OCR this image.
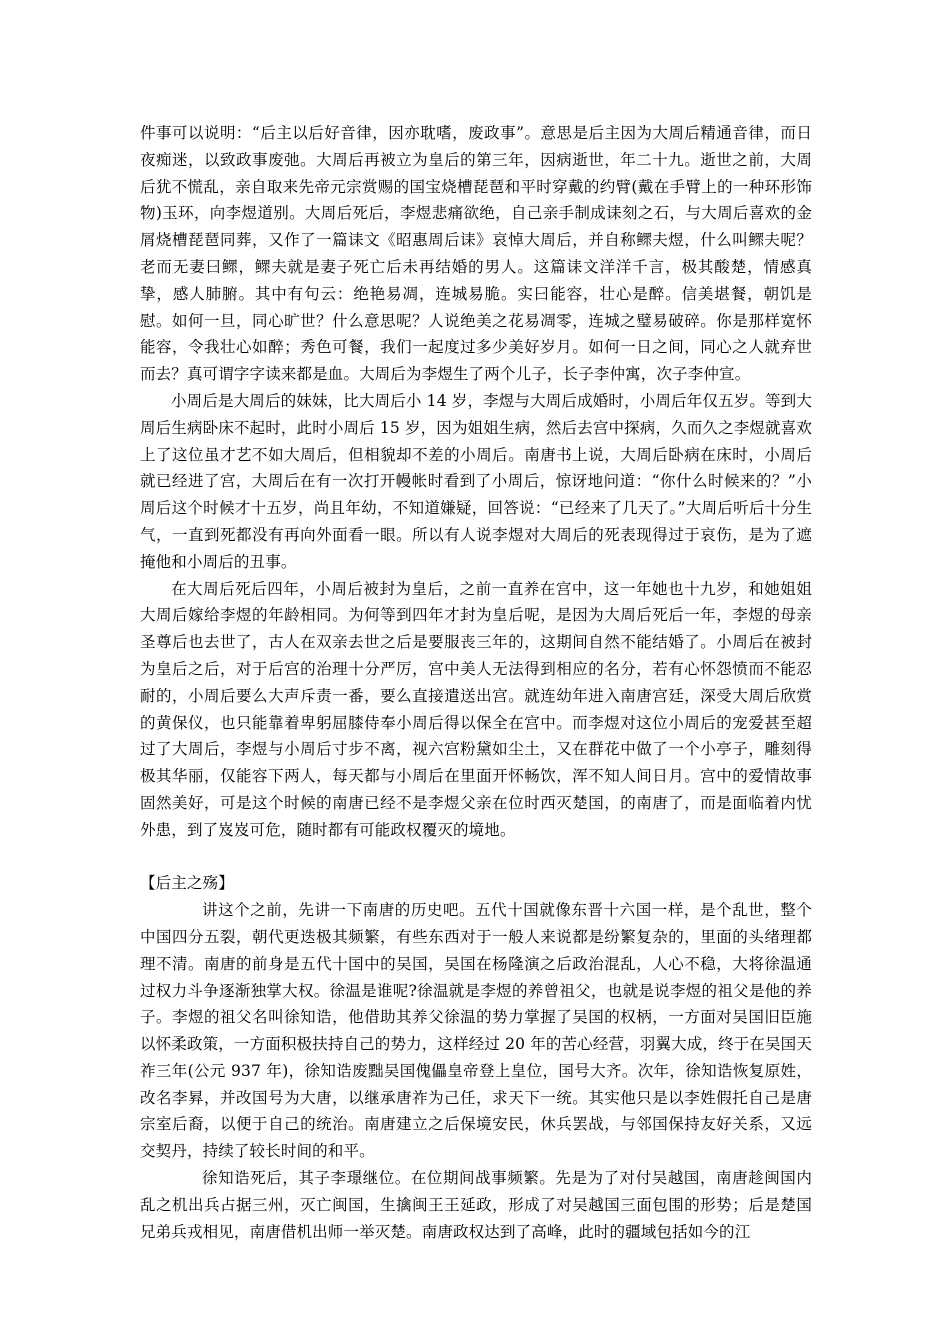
件事可以说明：“后主以后好音律，因亦耽嗜，废政事”。意思是后主因为大周后精通音律，而日夜痴迷，以致政事废弛。大周后再被立为皇后的第三年，因病逝世，年二十九。逝世之前，大周后犹不慌乱，亲自取来先帝元宗赏赐的国宝烧槽琵琶和平时穿戴的约臂(戴在手臂上的一种环形饰物)玉环，向李煜道别。大周后死后，李煜悲痛欲绝，自己亲手制成诔刻之石，与大周后喜欢的金屑烧槽琵琶同葬，又作了一篇诔文《昭惠周后诔》哀悼大周后，并自称鳏夫煜，什么叫鳏夫呢？老而无妻曰鳏，鳏夫就是妻子死亡后未再结婚的男人。这篇诔文洋洋千言，极其酸楚，情感真挚，感人肺腑。其中有句云：绝艳易凋，连城易脆。实曰能容，壮心是醉。信美堪餐，朝饥是慰。如何一旦，同心旷世？什么意思呢？人说绝美之花易凋零，连城之璧易破碎。你是那样宽怀能容，令我壮心如醉；秀色可餐，我们一起度过多少美好岁月。如何一日之间，同心之人就弃世而去？真可谓字字读来都是血。大周后为李煜生了两个儿子，长子李仲寓，次子李仲宣。

小周后是大周后的妹妹，比大周后小 14 岁，李煜与大周后成婚时，小周后年仅五岁。等到大周后生病卧床不起时，此时小周后 15 岁，因为姐姐生病，然后去宫中探病，久而久之李煜就喜欢上了这位虽才艺不如大周后，但相貌却不差的小周后。南唐书上说，大周后卧病在床时，小周后就已经进了宫，大周后在有一次打开幔帐时看到了小周后，惊讶地问道：“你什么时候来的？”小周后这个时候才十五岁，尚且年幼，不知道嫌疑，回答说：“已经来了几天了。”大周后听后十分生气，一直到死都没有再向外面看一眼。所以有人说李煜对大周后的死表现得过于哀伤，是为了遮掩他和小周后的丑事。

在大周后死后四年，小周后被封为皇后，之前一直养在宫中，这一年她也十九岁，和她姐姐大周后嫁给李煜的年龄相同。为何等到四年才封为皇后呢，是因为大周后死后一年，李煜的母亲圣尊后也去世了，古人在双亲去世之后是要服丧三年的，这期间自然不能结婚了。小周后在被封为皇后之后，对于后宫的治理十分严厉，宫中美人无法得到相应的名分，若有心怀怨愤而不能忍耐的，小周后要么大声斥责一番，要么直接遣送出宫。就连幼年进入南唐宫廷，深受大周后欣赏的黄保仪，也只能靠着卑躬屈膝侍奉小周后得以保全在宫中。而李煜对这位小周后的宠爱甚至超过了大周后，李煜与小周后寸步不离，视六宫粉黛如尘土，又在群花中做了一个小亭子，雕刻得极其华丽，仅能容下两人，每天都与小周后在里面开怀畅饮，浑不知人间日月。宫中的爱情故事固然美好，可是这个时候的南唐已经不是李煜父亲在位时西灭楚国，的南唐了，而是面临着内忧外患，到了岌岌可危，随时都有可能政权覆灭的境地。

【后主之殇】

讲这个之前，先讲一下南唐的历史吧。五代十国就像东晋十六国一样，是个乱世，整个中国四分五裂，朝代更迭极其频繁，有些东西对于一般人来说都是纷繁复杂的，里面的头绪理都理不清。南唐的前身是五代十国中的吴国，吴国在杨隆演之后政治混乱，人心不稳，大将徐温通过权力斗争逐渐独掌大权。徐温是谁呢?徐温就是李煜的养曾祖父，也就是说李煜的祖父是他的养子。李煜的祖父名叫徐知诰，他借助其养父徐温的势力掌握了吴国的权柄，一方面对吴国旧臣施以怀柔政策，一方面积极扶持自己的势力，这样经过 20 年的苦心经营，羽翼大成，终于在吴国天祚三年(公元 937 年)，徐知诰废黜吴国傀儡皇帝登上皇位，国号大齐。次年，徐知诰恢复原姓，改名李昪，并改国号为大唐，以继承唐祚为己任，求天下一统。其实他只是以李姓假托自己是唐宗室后裔，以便于自己的统治。南唐建立之后保境安民，休兵罢战，与邻国保持友好关系，又远交契丹，持续了较长时间的和平。

徐知诰死后，其子李璟继位。在位期间战事频繁。先是为了对付吴越国，南唐趁闽国内乱之机出兵占据三州，灭亡闽国，生擒闽王王延政，形成了对吴越国三面包围的形势；后是楚国兄弟兵戎相见，南唐借机出师一举灭楚。南唐政权达到了高峰，此时的疆域包括如今的江
